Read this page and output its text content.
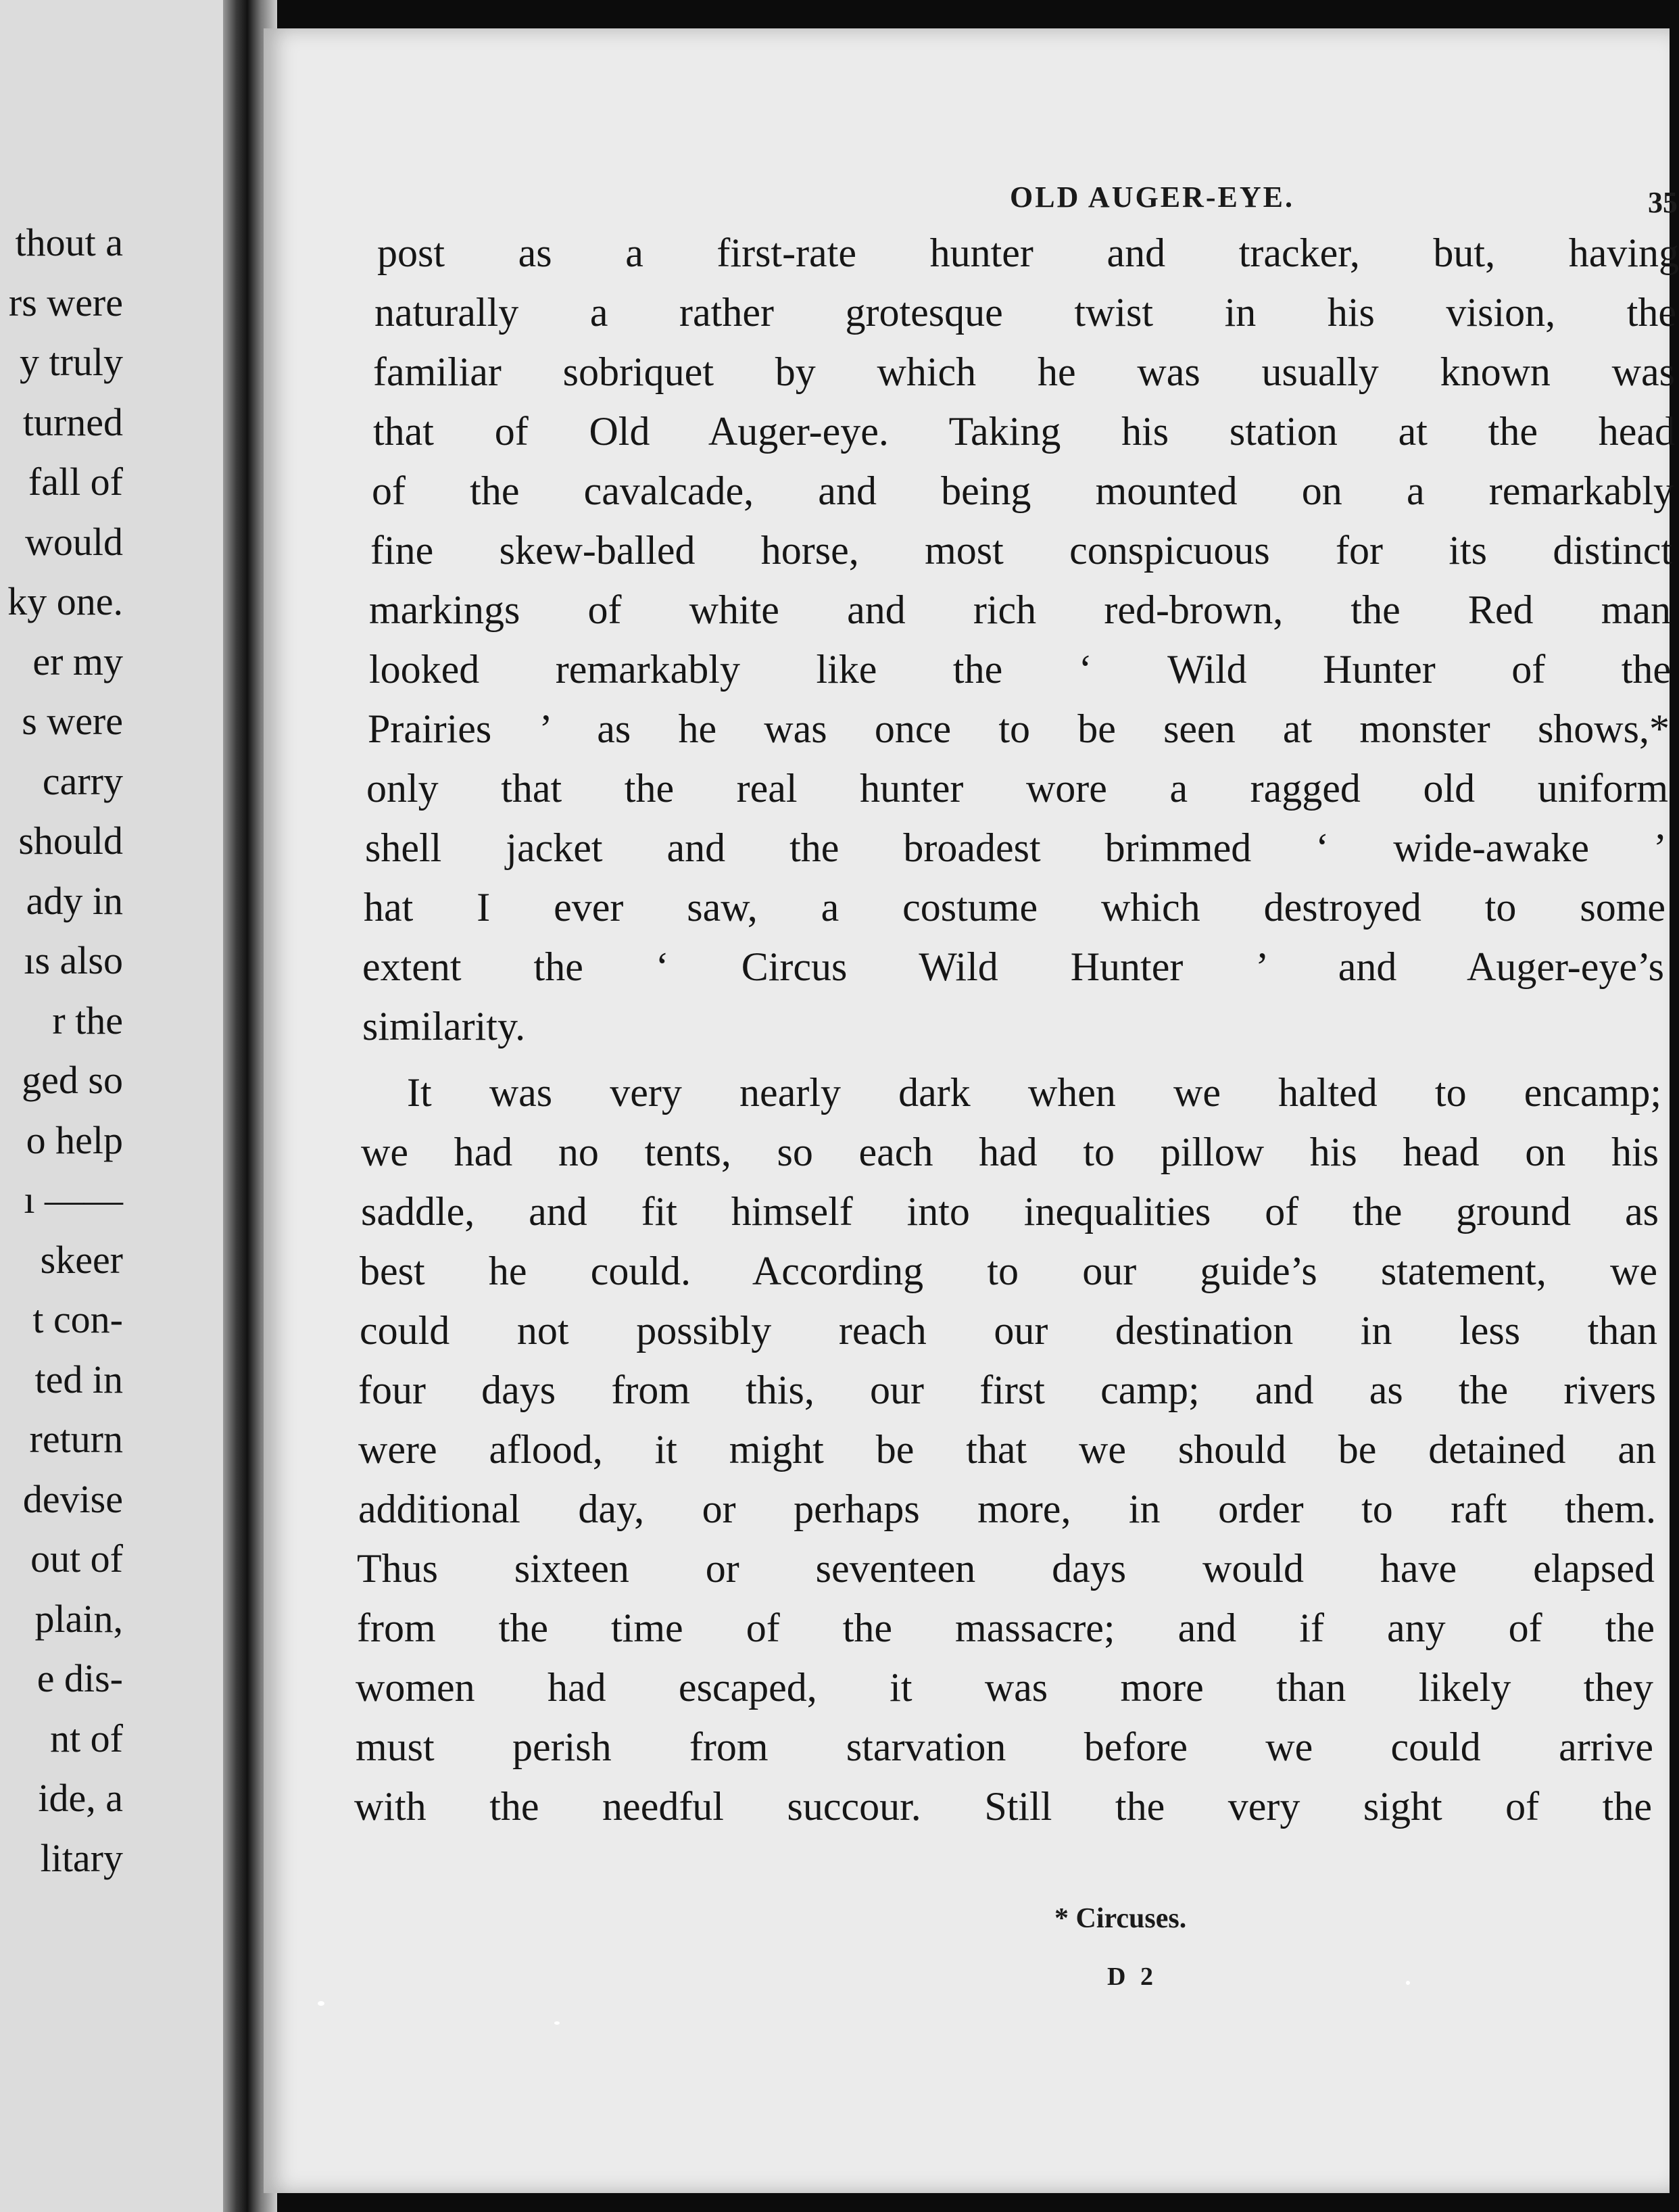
thout a
rs were
y truly
turned
fall of
would
ky one.
er my
s were
carry
should
ady in
ıs also
r the
ged so
o help
ı ——
skeer
t con-
ted in
return
devise
out of
plain,
e dis-
nt of
ide, a
litary
OLD AUGER-EYE.	35
post as a first-rate hunter and tracker, but, having
naturally a rather grotesque twist in his vision, the
familiar sobriquet by which he was usually known was
that of Old Auger-eye. Taking his station at the head
of the cavalcade, and being mounted on a remarkably
fine skew-balled horse, most conspicuous for its distinct
markings of white and rich red-brown, the Red man
looked remarkably like the ‘ Wild Hunter of the
Prairies ’ as he was once to be seen at monster shows,*
only that the real hunter wore a ragged old uniform
shell jacket and the broadest brimmed ‘ wide-awake ’
hat I ever saw, a costume which destroyed to some
extent the ‘ Circus Wild Hunter ’ and Auger-eye’s
similarity.
It was very nearly dark when we halted to encamp;
we had no tents, so each had to pillow his head on his
saddle, and fit himself into inequalities of the ground as
best he could. According to our guide’s statement, we
could not possibly reach our destination in less than
four days from this, our first camp; and as the rivers
were aflood, it might be that we should be detained an
additional day, or perhaps more, in order to raft them.
Thus sixteen or seventeen days would have elapsed
from the time of the massacre; and if any of the
women had escaped, it was more than likely they
must perish from starvation before we could arrive
with the needful succour. Still the very sight of the
* Circuses.
D 2
